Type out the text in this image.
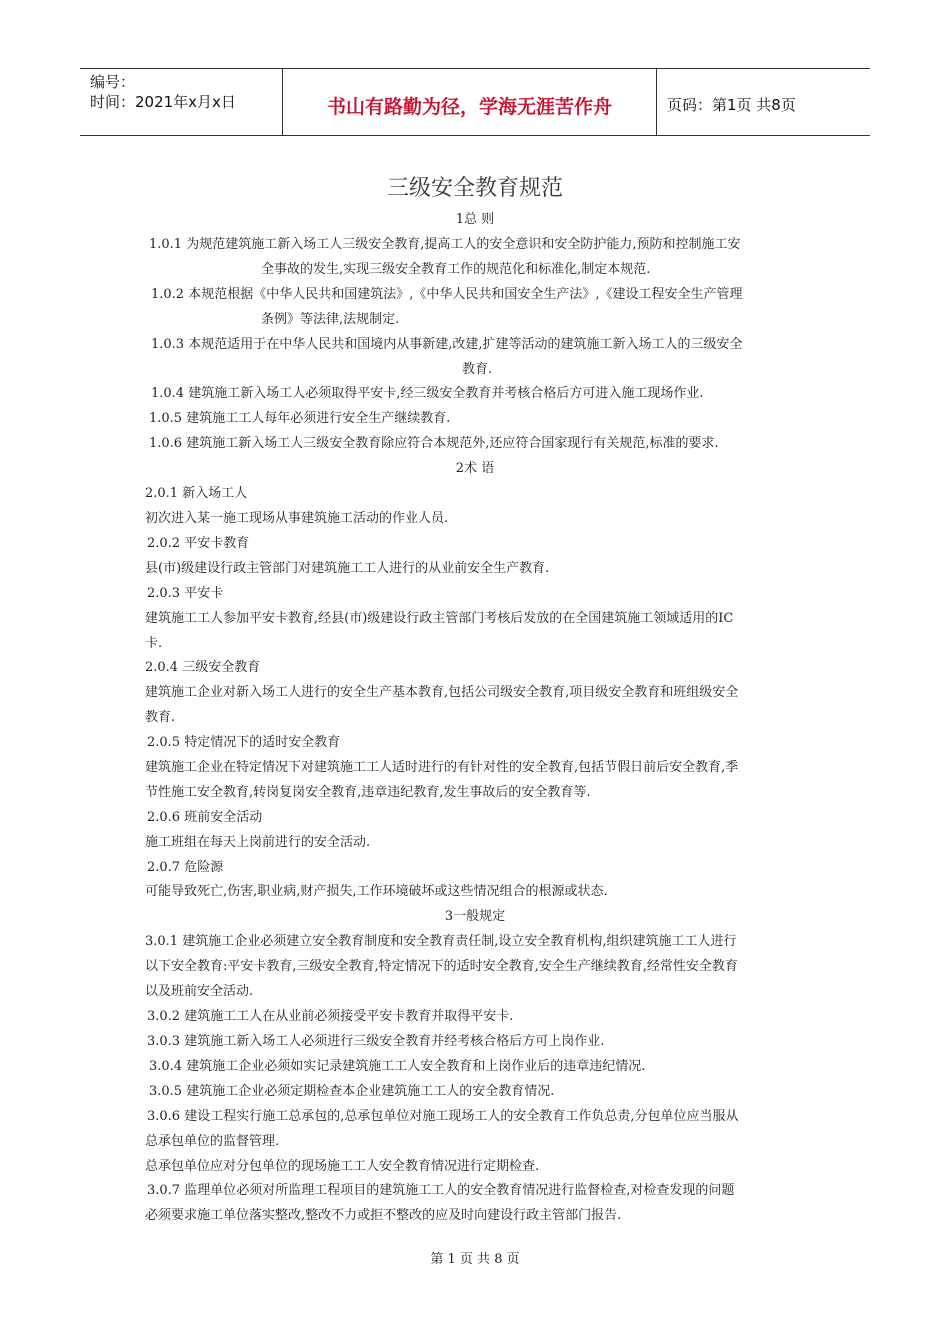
编号：
时间：2021年x月x日	书山有路勤为径，学海无涯苦作舟	页码：第1页 共8页
三级安全教育规范
1总 则
1.0.1 为规范建筑施工新入场工人三级安全教育,提高工人的安全意识和安全防护能力,预防和控制施工安
全事故的发生,实现三级安全教育工作的规范化和标准化,制定本规范.
1.0.2 本规范根据《中华人民共和国建筑法》,《中华人民共和国安全生产法》,《建设工程安全生产管理
条例》等法律,法规制定.
1.0.3 本规范适用于在中华人民共和国境内从事新建,改建,扩建等活动的建筑施工新入场工人的三级安全
教育.
1.0.4 建筑施工新入场工人必须取得平安卡,经三级安全教育并考核合格后方可进入施工现场作业.
1.0.5 建筑施工工人每年必须进行安全生产继续教育.
1.0.6 建筑施工新入场工人三级安全教育除应符合本规范外,还应符合国家现行有关规范,标准的要求.
2术 语
2.0.1 新入场工人
初次进入某一施工现场从事建筑施工活动的作业人员.
2.0.2 平安卡教育
县(市)级建设行政主管部门对建筑施工工人进行的从业前安全生产教育.
2.0.3 平安卡
建筑施工工人参加平安卡教育,经县(市)级建设行政主管部门考核后发放的在全国建筑施工领域适用的IC
卡.
2.0.4 三级安全教育
建筑施工企业对新入场工人进行的安全生产基本教育,包括公司级安全教育,项目级安全教育和班组级安全
教育.
2.0.5 特定情况下的适时安全教育
建筑施工企业在特定情况下对建筑施工工人适时进行的有针对性的安全教育,包括节假日前后安全教育,季
节性施工安全教育,转岗复岗安全教育,违章违纪教育,发生事故后的安全教育等.
2.0.6 班前安全活动
施工班组在每天上岗前进行的安全活动.
2.0.7 危险源
可能导致死亡,伤害,职业病,财产损失,工作环境破坏或这些情况组合的根源或状态.
3一般规定
3.0.1 建筑施工企业必须建立安全教育制度和安全教育责任制,设立安全教育机构,组织建筑施工工人进行
以下安全教育:平安卡教育,三级安全教育,特定情况下的适时安全教育,安全生产继续教育,经常性安全教育
以及班前安全活动.
3.0.2 建筑施工工人在从业前必须接受平安卡教育并取得平安卡.
3.0.3 建筑施工新入场工人必须进行三级安全教育并经考核合格后方可上岗作业.
3.0.4 建筑施工企业必须如实记录建筑施工工人安全教育和上岗作业后的违章违纪情况.
3.0.5 建筑施工企业必须定期检查本企业建筑施工工人的安全教育情况.
3.0.6 建设工程实行施工总承包的,总承包单位对施工现场工人的安全教育工作负总责,分包单位应当服从
总承包单位的监督管理.
总承包单位应对分包单位的现场施工工人安全教育情况进行定期检查.
3.0.7 监理单位必须对所监理工程项目的建筑施工工人的安全教育情况进行监督检查,对检查发现的问题
必须要求施工单位落实整改,整改不力或拒不整改的应及时向建设行政主管部门报告.
第 1 页 共 8 页
